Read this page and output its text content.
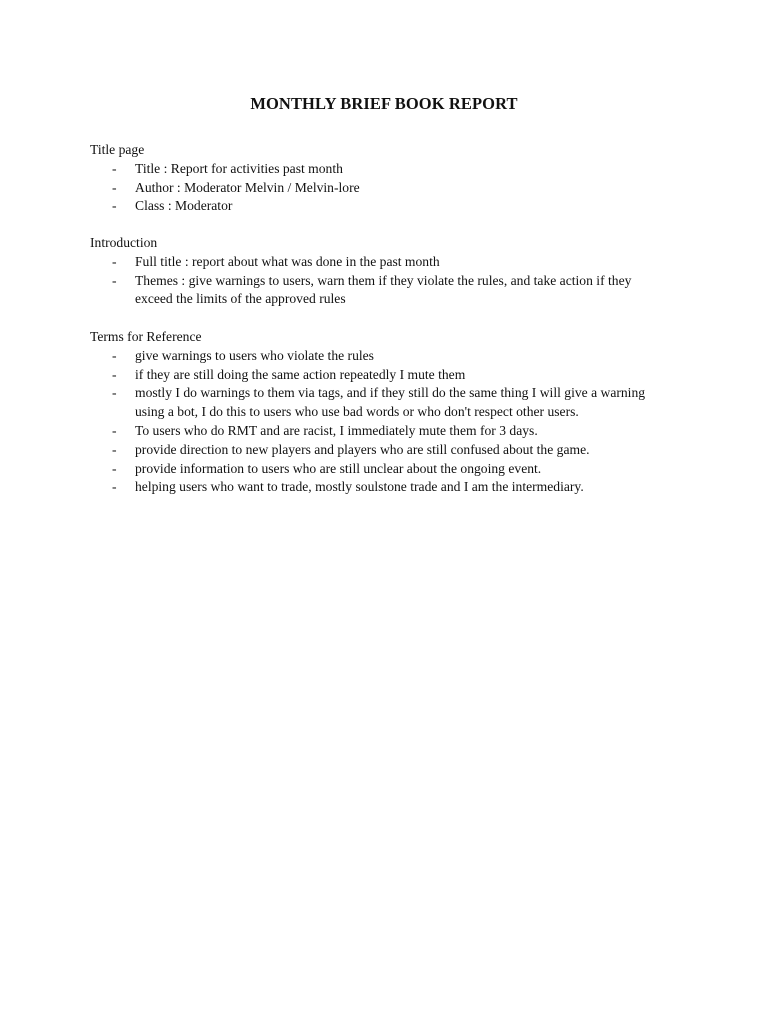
MONTHLY BRIEF BOOK REPORT
Title page
- Title : Report for activities past month
- Author : Moderator Melvin / Melvin-lore
- Class : Moderator
Introduction
- Full title : report about what was done in the past month
- Themes : give warnings to users, warn them if they violate the rules, and take action if they exceed the limits of the approved rules
Terms for Reference
- give warnings to users who violate the rules
- if they are still doing the same action repeatedly I mute them
- mostly I do warnings to them via tags, and if they still do the same thing I will give a warning using a bot, I do this to users who use bad words or who don't respect other users.
- To users who do RMT and are racist, I immediately mute them for 3 days.
- provide direction to new players and players who are still confused about the game.
- provide information to users who are still unclear about the ongoing event.
- helping users who want to trade, mostly soulstone trade and I am the intermediary.
